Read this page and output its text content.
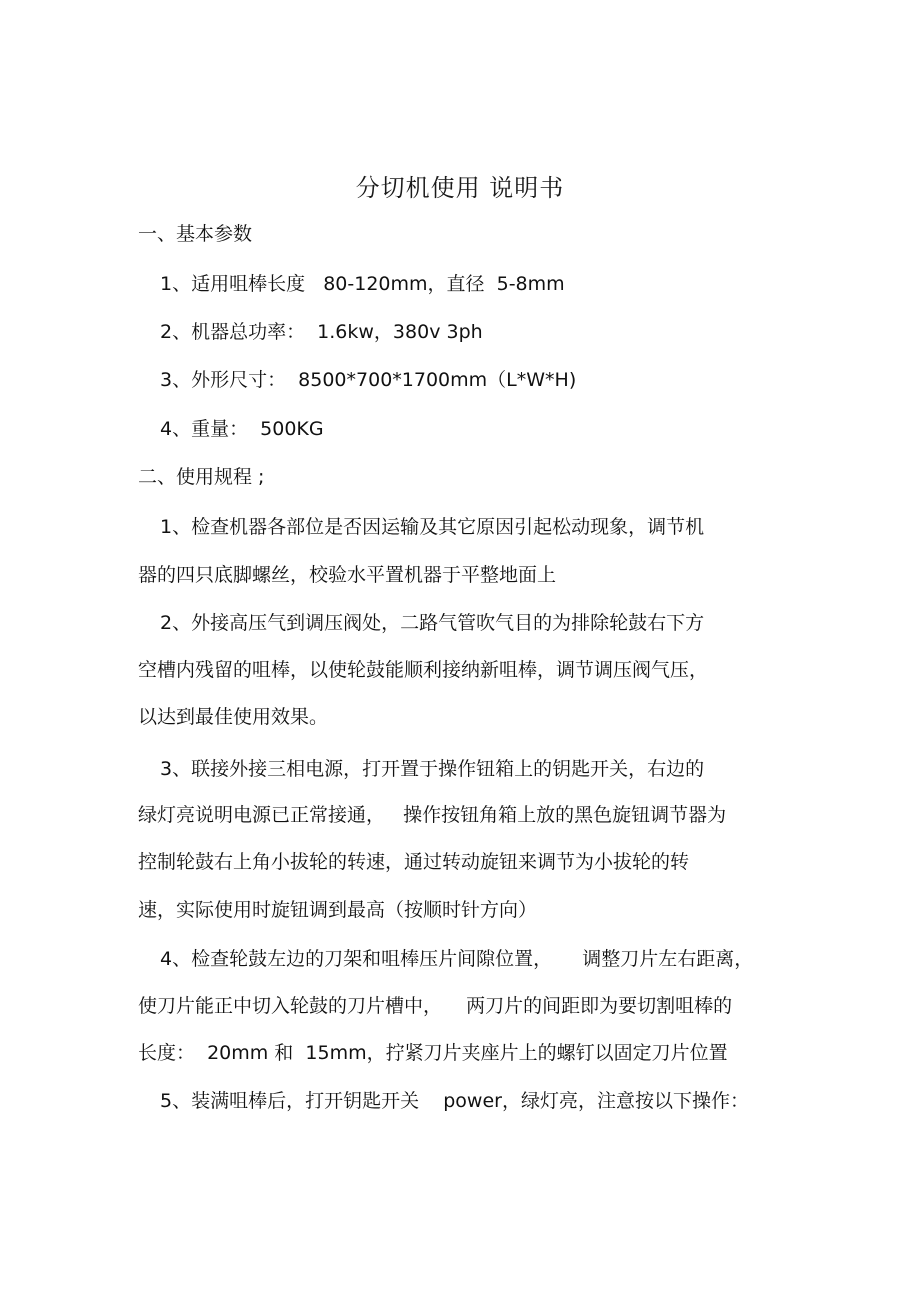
分切机使用 说明书
一、基本参数
1、适用咀棒长度   80-120mm，直径  5-8mm
2、机器总功率：  1.6kw，380v 3ph
3、外形尺寸：  8500*700*1700mm（L*W*H)
4、重量：  500KG
二、使用规程 ;
1、检查机器各部位是否因运输及其它原因引起松动现象，调节机
器的四只底脚螺丝，校验水平置机器于平整地面上
2、外接高压气到调压阀处，二路气管吹气目的为排除轮鼓右下方
空槽内残留的咀棒，以使轮鼓能顺利接纳新咀棒，调节调压阀气压，
以达到最佳使用效果。
3、联接外接三相电源，打开置于操作钮箱上的钥匙开关，右边的
绿灯亮说明电源已正常接通，   操作按钮角箱上放的黑色旋钮调节器为
控制轮鼓右上角小拔轮的转速，通过转动旋钮来调节为小拔轮的转
速，实际使用时旋钮调到最高（按顺时针方向）
4、检查轮鼓左边的刀架和咀棒压片间隙位置，     调整刀片左右距离，
使刀片能正中切入轮鼓的刀片槽中，    两刀片的间距即为要切割咀棒的
长度：  20mm 和  15mm，拧紧刀片夹座片上的螺钉以固定刀片位置
5、装满咀棒后，打开钥匙开关    power，绿灯亮，注意按以下操作：
